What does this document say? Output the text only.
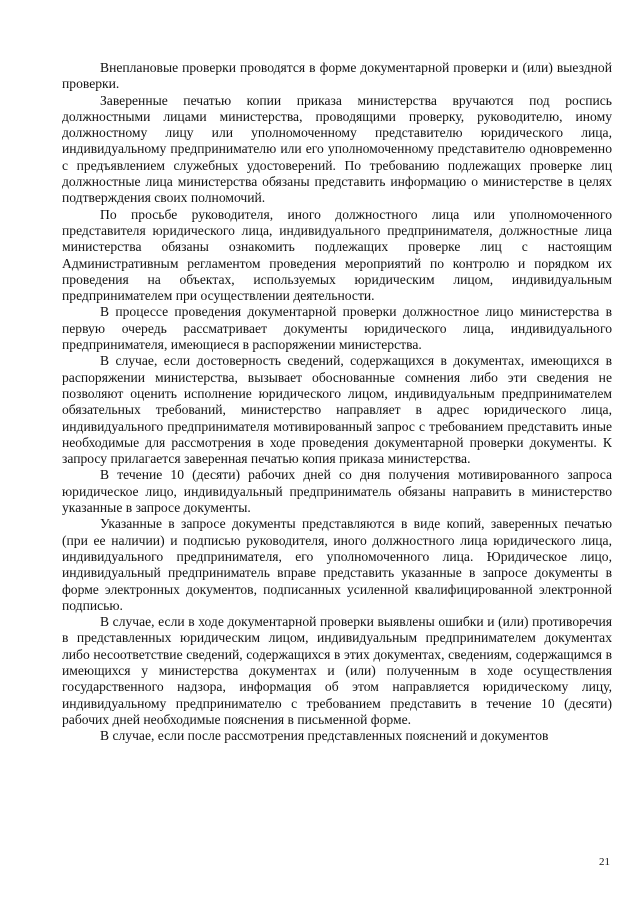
Внеплановые проверки проводятся в форме документарной проверки и (или) выездной проверки.

Заверенные печатью копии приказа министерства вручаются под роспись должностными лицами министерства, проводящими проверку, руководителю, иному должностному лицу или уполномоченному представителю юридического лица, индивидуальному предпринимателю или его уполномоченному представителю одновременно с предъявлением служебных удостоверений. По требованию подлежащих проверке лиц должностные лица министерства обязаны представить информацию о министерстве в целях подтверждения своих полномочий.

По просьбе руководителя, иного должностного лица или уполномоченного представителя юридического лица, индивидуального предпринимателя, должностные лица министерства обязаны ознакомить подлежащих проверке лиц с настоящим Административным регламентом проведения мероприятий по контролю и порядком их проведения на объектах, используемых юридическим лицом, индивидуальным предпринимателем при осуществлении деятельности.

В процессе проведения документарной проверки должностное лицо министерства в первую очередь рассматривает документы юридического лица, индивидуального предпринимателя, имеющиеся в распоряжении министерства.

В случае, если достоверность сведений, содержащихся в документах, имеющихся в распоряжении министерства, вызывает обоснованные сомнения либо эти сведения не позволяют оценить исполнение юридического лицом, индивидуальным предпринимателем обязательных требований, министерство направляет в адрес юридического лица, индивидуального предпринимателя мотивированный запрос с требованием представить иные необходимые для рассмотрения в ходе проведения документарной проверки документы. К запросу прилагается заверенная печатью копия приказа министерства.

В течение 10 (десяти) рабочих дней со дня получения мотивированного запроса юридическое лицо, индивидуальный предприниматель обязаны направить в министерство указанные в запросе документы.

Указанные в запросе документы представляются в виде копий, заверенных печатью (при ее наличии) и подписью руководителя, иного должностного лица юридического лица, индивидуального предпринимателя, его уполномоченного лица. Юридическое лицо, индивидуальный предприниматель вправе представить указанные в запросе документы в форме электронных документов, подписанных усиленной квалифицированной электронной подписью.

В случае, если в ходе документарной проверки выявлены ошибки и (или) противоречия в представленных юридическим лицом, индивидуальным предпринимателем документах либо несоответствие сведений, содержащихся в этих документах, сведениям, содержащимся в имеющихся у министерства документах и (или) полученным в ходе осуществления государственного надзора, информация об этом направляется юридическому лицу, индивидуальному предпринимателю с требованием представить в течение 10 (десяти) рабочих дней необходимые пояснения в письменной форме.

В случае, если после рассмотрения представленных пояснений и документов

21
